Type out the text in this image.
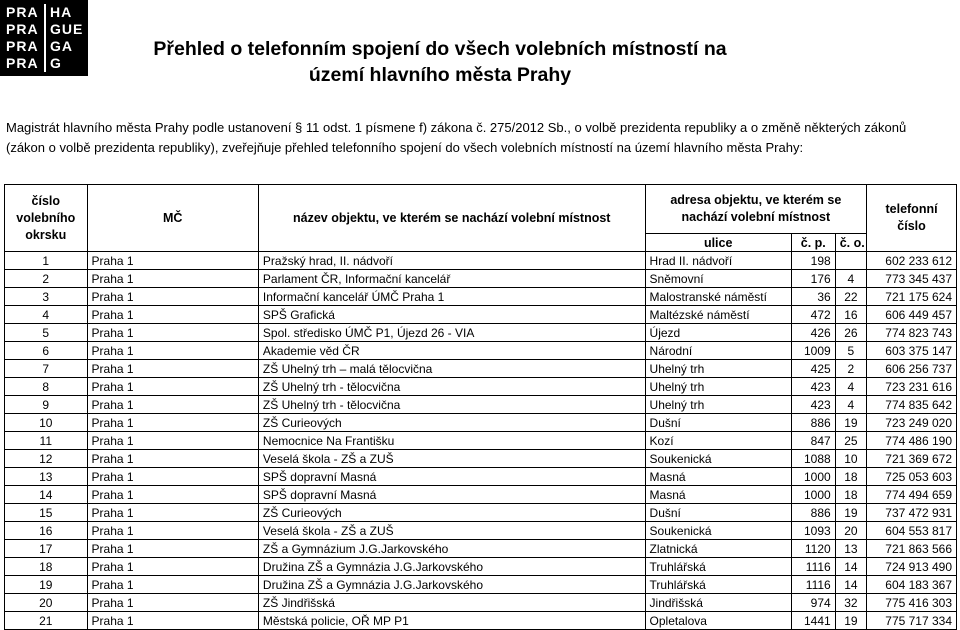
PRA HA
PRA GUE
PRA GA
PRA G
Přehled o telefonním spojení do všech volebních místností na
území hlavního města Prahy
Magistrát hlavního města Prahy podle ustanovení § 11 odst. 1 písmene f) zákona č. 275/2012 Sb., o volbě prezidenta republiky a o změně některých zákonů
(zákon o volbě prezidenta republiky), zveřejňuje přehled telefonního spojení do všech volebních místností na území hlavního města Prahy:
číslo volebního okrsku	MČ	název objektu, ve kterém se nachází volební místnost	adresa objektu, ve kterém se nachází volební místnost			telefonní číslo
			ulice	č. p.	č. o.	
1	Praha 1	Pražský hrad, II. nádvoří	Hrad II. nádvoří	198		602 233 612
2	Praha 1	Parlament ČR, Informační kancelář	Sněmovní	176	4	773 345 437
3	Praha 1	Informační kancelář ÚMČ Praha 1	Malostranské náměstí	36	22	721 175 624
4	Praha 1	SPŠ Grafická	Maltézské náměstí	472	16	606 449 457
5	Praha 1	Spol. středisko ÚMČ P1, Újezd 26 - VIA	Újezd	426	26	774 823 743
6	Praha 1	Akademie věd ČR	Národní	1009	5	603 375 147
7	Praha 1	ZŠ Uhelný trh – malá tělocvična	Uhelný trh	425	2	606 256 737
8	Praha 1	ZŠ Uhelný trh - tělocvična	Uhelný trh	423	4	723 231 616
9	Praha 1	ZŠ Uhelný trh - tělocvična	Uhelný trh	423	4	774 835 642
10	Praha 1	ZŠ Curieových	Dušní	886	19	723 249 020
11	Praha 1	Nemocnice Na Františku	Kozí	847	25	774 486 190
12	Praha 1	Veselá škola - ZŠ a ZUŠ	Soukenická	1088	10	721 369 672
13	Praha 1	SPŠ dopravní Masná	Masná	1000	18	725 053 603
14	Praha 1	SPŠ dopravní Masná	Masná	1000	18	774 494 659
15	Praha 1	ZŠ Curieových	Dušní	886	19	737 472 931
16	Praha 1	Veselá škola - ZŠ a ZUŠ	Soukenická	1093	20	604 553 817
17	Praha 1	ZŠ a Gymnázium J.G.Jarkovského	Zlatnická	1120	13	721 863 566
18	Praha 1	Družina ZŠ a Gymnázia J.G.Jarkovského	Truhlářská	1116	14	724 913 490
19	Praha 1	Družina ZŠ a Gymnázia J.G.Jarkovského	Truhlářská	1116	14	604 183 367
20	Praha 1	ZŠ Jindřišská	Jindřišská	974	32	775 416 303
21	Praha 1	Městská policie, OŘ MP P1	Opletalova	1441	19	775 717 334
